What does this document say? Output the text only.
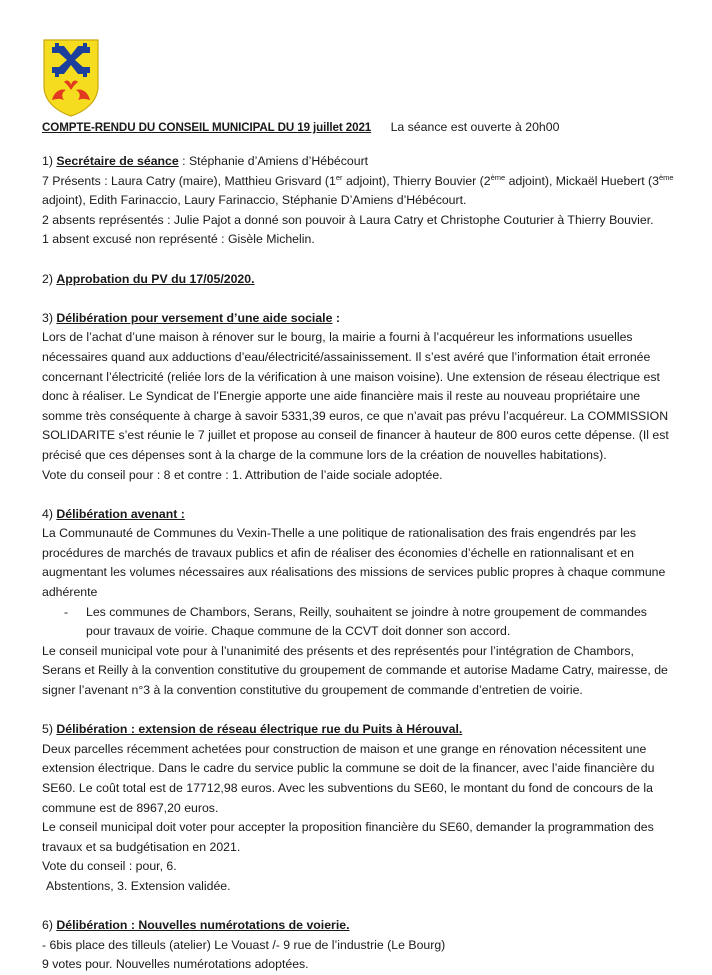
COMPTE-RENDU DU CONSEIL MUNICIPAL DU 19 juillet 2021 La séance est ouverte à 20h00

1) Secrétaire de séance : Stéphanie d’Amiens d’Hébécourt

7 Présents : Laura Catry (maire), Matthieu Grisvard (1er adjoint), Thierry Bouvier (2ème adjoint), Mickaël Huebert (3ème adjoint), Edith Farinaccio, Laury Farinaccio, Stéphanie D’Amiens d’Hébécourt.

2 absents représentés : Julie Pajot a donné son pouvoir à Laura Catry et Christophe Couturier à Thierry Bouvier.

1 absent excusé non représenté : Gisèle Michelin.

2) Approbation du PV du 17/05/2020.

3) Délibération pour versement d’une aide sociale :

Lors de l’achat d’une maison à rénover sur le bourg, la mairie a fourni à l’acquéreur les informations usuelles nécessaires quand aux adductions d’eau/électricité/assainissement. Il s’est avéré que l’information était erronée concernant l’électricité (reliée lors de la vérification à une maison voisine). Une extension de réseau électrique est donc à réaliser. Le Syndicat de l’Energie apporte une aide financière mais il reste au nouveau propriétaire une somme très conséquente à charge à savoir 5331,39 euros, ce que n’avait pas prévu l’acquéreur. La COMMISSION SOLIDARITE s’est réunie le 7 juillet et propose au conseil de financer à hauteur de 800 euros cette dépense. (Il est précisé que ces dépenses sont à la charge de la commune lors de la création de nouvelles habitations).

Vote du conseil pour : 8 et contre : 1. Attribution de l’aide sociale adoptée.

4) Délibération avenant :

La Communauté de Communes du Vexin-Thelle a une politique de rationalisation des frais engendrés par les procédures de marchés de travaux publics et afin de réaliser des économies d’échelle en rationnalisant et en augmentant les volumes nécessaires aux réalisations des missions de services public propres à chaque commune adhérente

- Les communes de Chambors, Serans, Reilly, souhaitent se joindre à notre groupement de commandes pour travaux de voirie. Chaque commune de la CCVT doit donner son accord.

Le conseil municipal vote pour à l’unanimité des présents et des représentés pour l’intégration de Chambors, Serans et Reilly à la convention constitutive du groupement de commande et autorise Madame Catry, mairesse, de signer l’avenant n°3 à la convention constitutive du groupement de commande d’entretien de voirie.

5) Délibération : extension de réseau électrique rue du Puits à Hérouval.

Deux parcelles récemment achetées pour construction de maison et une grange en rénovation nécessitent une extension électrique. Dans le cadre du service public la commune se doit de la financer, avec l’aide financière du SE60. Le coût total est de 17712,98 euros. Avec les subventions du SE60, le montant du fond de concours de la commune est de 8967,20 euros.

Le conseil municipal doit voter pour accepter la proposition financière du SE60, demander la programmation des travaux et sa budgétisation en 2021.

Vote du conseil : pour, 6.

Abstentions, 3. Extension validée.

6) Délibération : Nouvelles numérotations de voierie.

- 6bis place des tilleuls (atelier) Le Vouast /- 9 rue de l’industrie (Le Bourg)

9 votes pour. Nouvelles numérotations adoptées.
